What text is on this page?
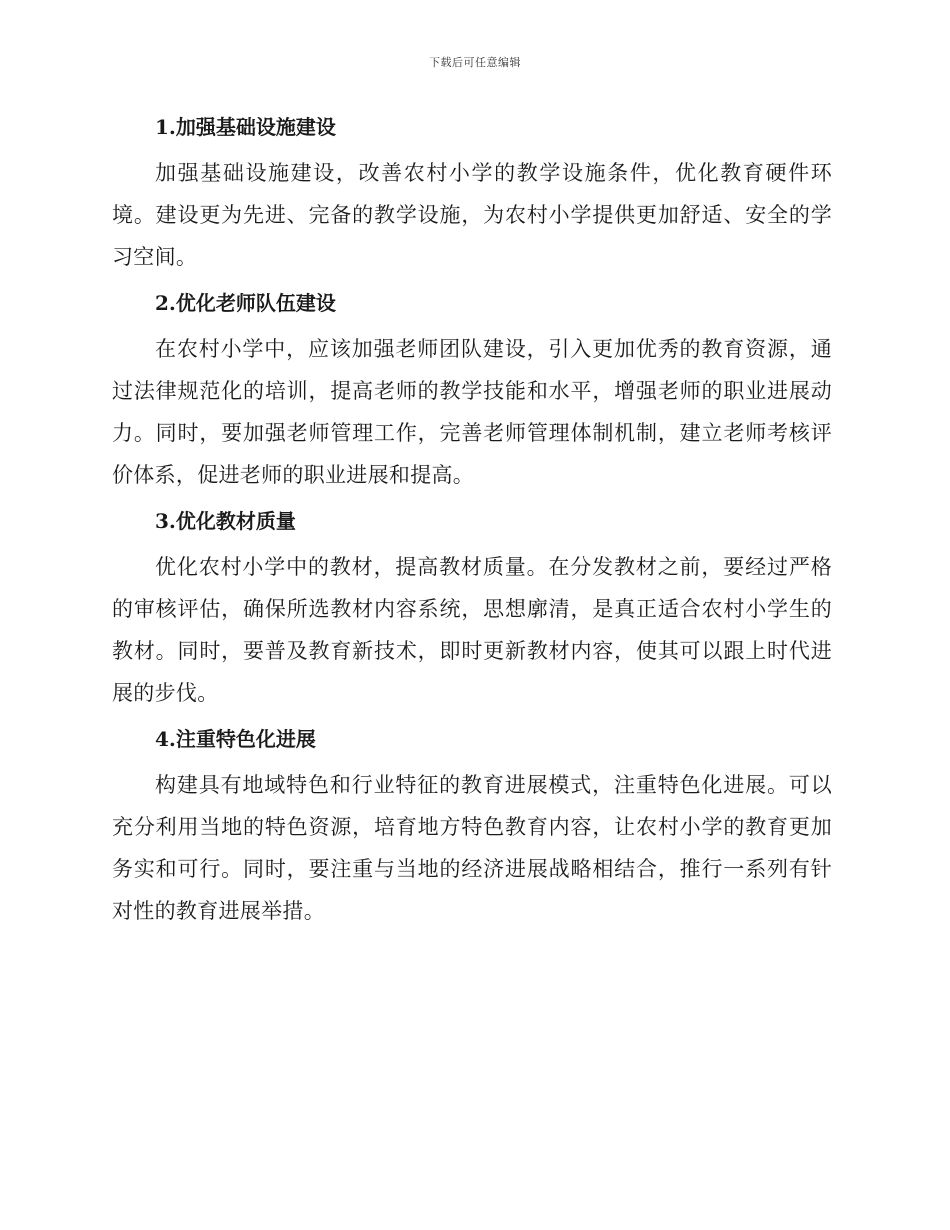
下载后可任意编辑
1.加强基础设施建设

加强基础设施建设，改善农村小学的教学设施条件，优化教育硬件环境。建设更为先进、完备的教学设施，为农村小学提供更加舒适、安全的学习空间。

2.优化老师队伍建设

在农村小学中，应该加强老师团队建设，引入更加优秀的教育资源，通过法律规范化的培训，提高老师的教学技能和水平，增强老师的职业进展动力。同时，要加强老师管理工作，完善老师管理体制机制，建立老师考核评价体系，促进老师的职业进展和提高。

3.优化教材质量

优化农村小学中的教材，提高教材质量。在分发教材之前，要经过严格的审核评估，确保所选教材内容系统，思想廓清，是真正适合农村小学生的教材。同时，要普及教育新技术，即时更新教材内容，使其可以跟上时代进展的步伐。

4.注重特色化进展

构建具有地域特色和行业特征的教育进展模式，注重特色化进展。可以充分利用当地的特色资源，培育地方特色教育内容，让农村小学的教育更加务实和可行。同时，要注重与当地的经济进展战略相结合，推行一系列有针对性的教育进展举措。
